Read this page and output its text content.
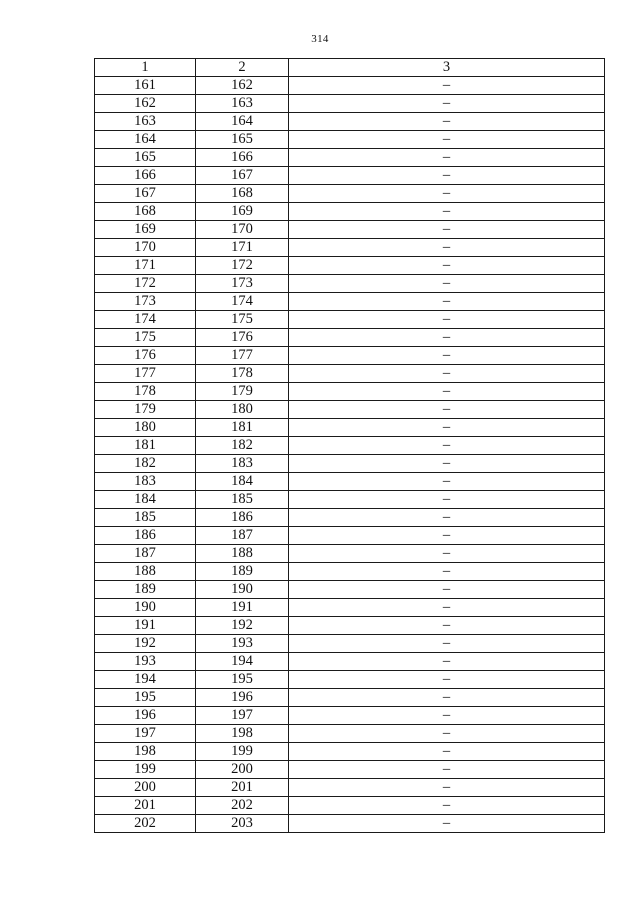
314
1	2	3
161	162	–
162	163	–
163	164	–
164	165	–
165	166	–
166	167	–
167	168	–
168	169	–
169	170	–
170	171	–
171	172	–
172	173	–
173	174	–
174	175	–
175	176	–
176	177	–
177	178	–
178	179	–
179	180	–
180	181	–
181	182	–
182	183	–
183	184	–
184	185	–
185	186	–
186	187	–
187	188	–
188	189	–
189	190	–
190	191	–
191	192	–
192	193	–
193	194	–
194	195	–
195	196	–
196	197	–
197	198	–
198	199	–
199	200	–
200	201	–
201	202	–
202	203	–
